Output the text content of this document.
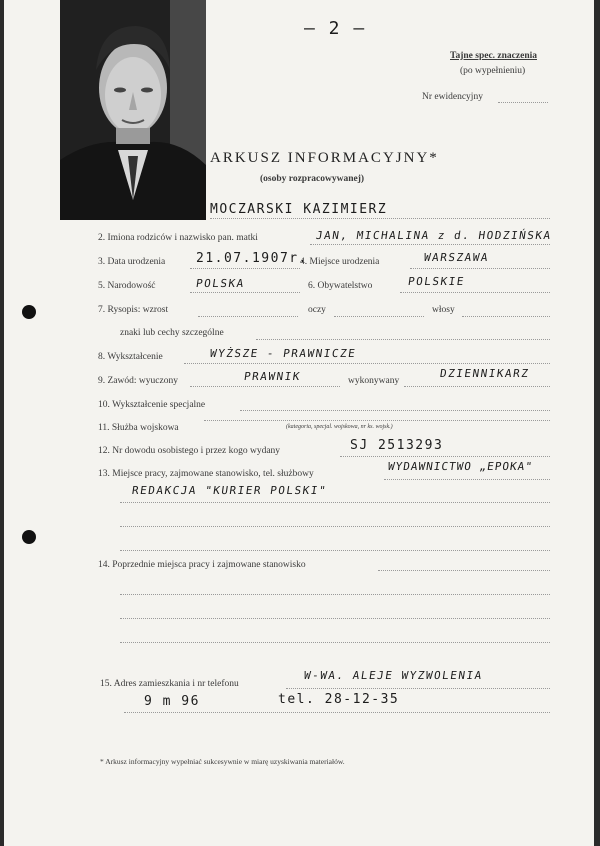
– 2 –
Tajne spec. znaczenia
(po wypełnieniu)
Nr ewidencyjny
ARKUSZ INFORMACYJNY*
(osoby rozpracowywanej)
MOCZARSKI KAZIMIERZ
2. Imiona rodziców i nazwisko pan. matki	JAN, MICHALINA z d. HODZIŃSKA
3. Data urodzenia 21.07.1907r.
4. Miejsce urodzenia	WARSZAWA
5. Narodowość	POLSKA	6. Obywatelstwo	POLSKIE
7. Rysopis: wzrost	oczy	włosy
znaki lub cechy szczególne
8. Wykształcenie	WYŻSZE - PRAWNICZE
9. Zawód: wyuczony	PRAWNIK	wykonywany
DZIENNIKARZ
10. Wykształcenie specjalne
11. Służba wojskowa	(kategoria, specjal. wojskowa, nr ks. wojsk.)
12. Nr dowodu osobistego i przez kogo wydany	SJ 2513293
13. Miejsce pracy, zajmowane stanowisko, tel. służbowy
WYDAWNICTWO „EPOKA"
REDAKCJA "KURIER POLSKI"
14. Poprzednie miejsca pracy i zajmowane stanowisko
15. Adres zamieszkania i nr telefonu
W-WA. ALEJE WYZWOLENIA
9 m 96	tel. 28-12-35
* Arkusz informacyjny wypełniać sukcesywnie w miarę uzyskiwania materiałów.
